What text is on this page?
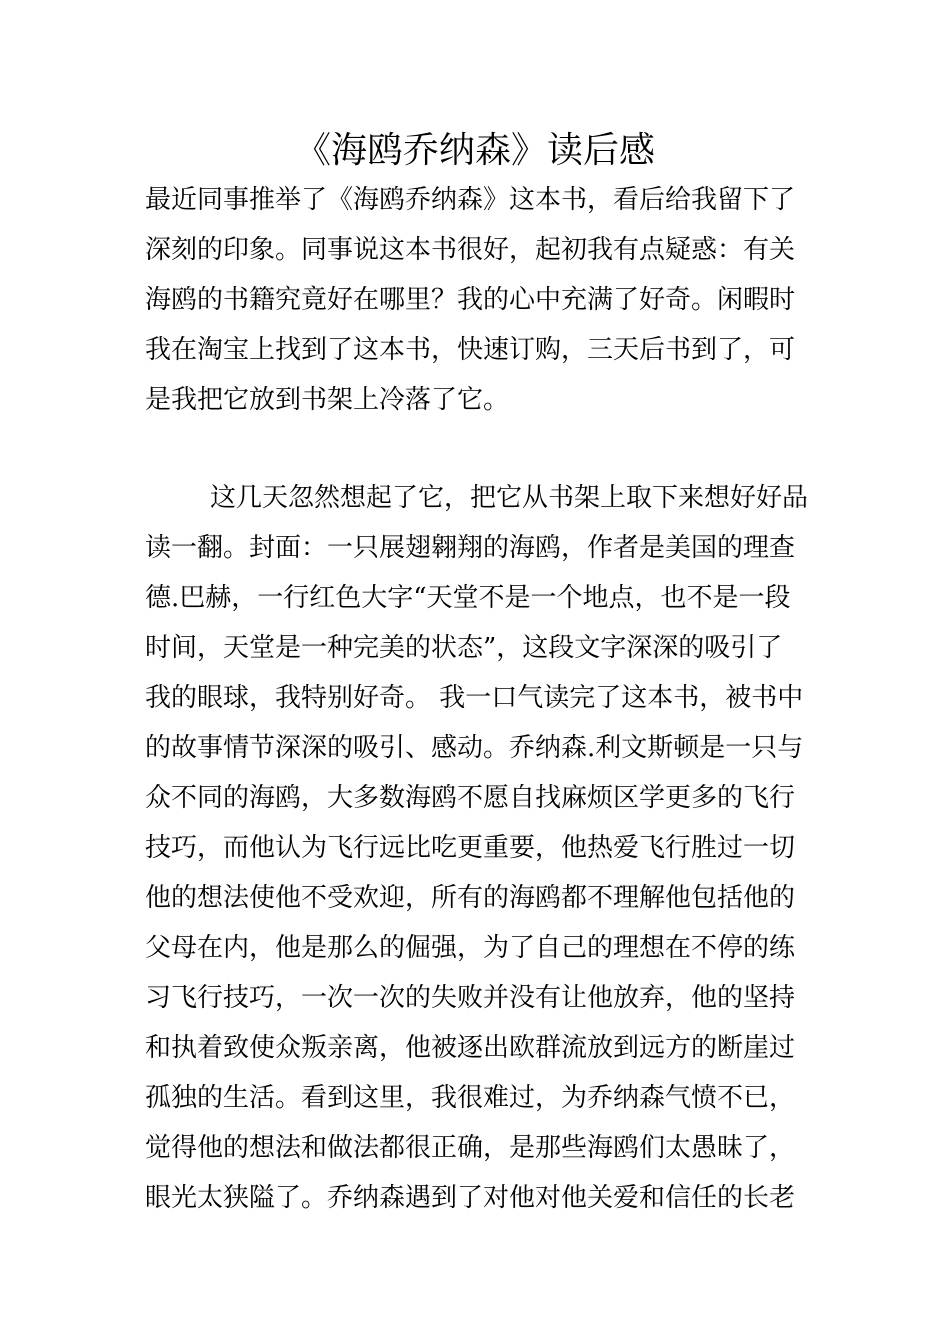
《海鸥乔纳森》读后感
最近同事推举了《海鸥乔纳森》这本书，看后给我留下了
深刻的印象。同事说这本书很好，起初我有点疑惑：有关
海鸥的书籍究竟好在哪里？我的心中充满了好奇。闲暇时
我在淘宝上找到了这本书，快速订购，三天后书到了，可
是我把它放到书架上冷落了它。
这几天忽然想起了它，把它从书架上取下来想好好品
读一翻。封面：一只展翅翱翔的海鸥，作者是美国的理查
德.巴赫，一行红色大字“天堂不是一个地点，也不是一段
时间，天堂是一种完美的状态”，这段文字深深的吸引了
我的眼球，我特别好奇。 我一口气读完了这本书，被书中
的故事情节深深的吸引、感动。乔纳森.利文斯顿是一只与
众不同的海鸥，大多数海鸥不愿自找麻烦区学更多的飞行
技巧，而他认为飞行远比吃更重要，他热爱飞行胜过一切
他的想法使他不受欢迎，所有的海鸥都不理解他包括他的
父母在内，他是那么的倔强，为了自己的理想在不停的练
习飞行技巧，一次一次的失败并没有让他放弃，他的坚持
和执着致使众叛亲离，他被逐出欧群流放到远方的断崖过
孤独的生活。看到这里，我很难过，为乔纳森气愤不已，
觉得他的想法和做法都很正确，是那些海鸥们太愚昧了，
眼光太狭隘了。乔纳森遇到了对他对他关爱和信任的长老
